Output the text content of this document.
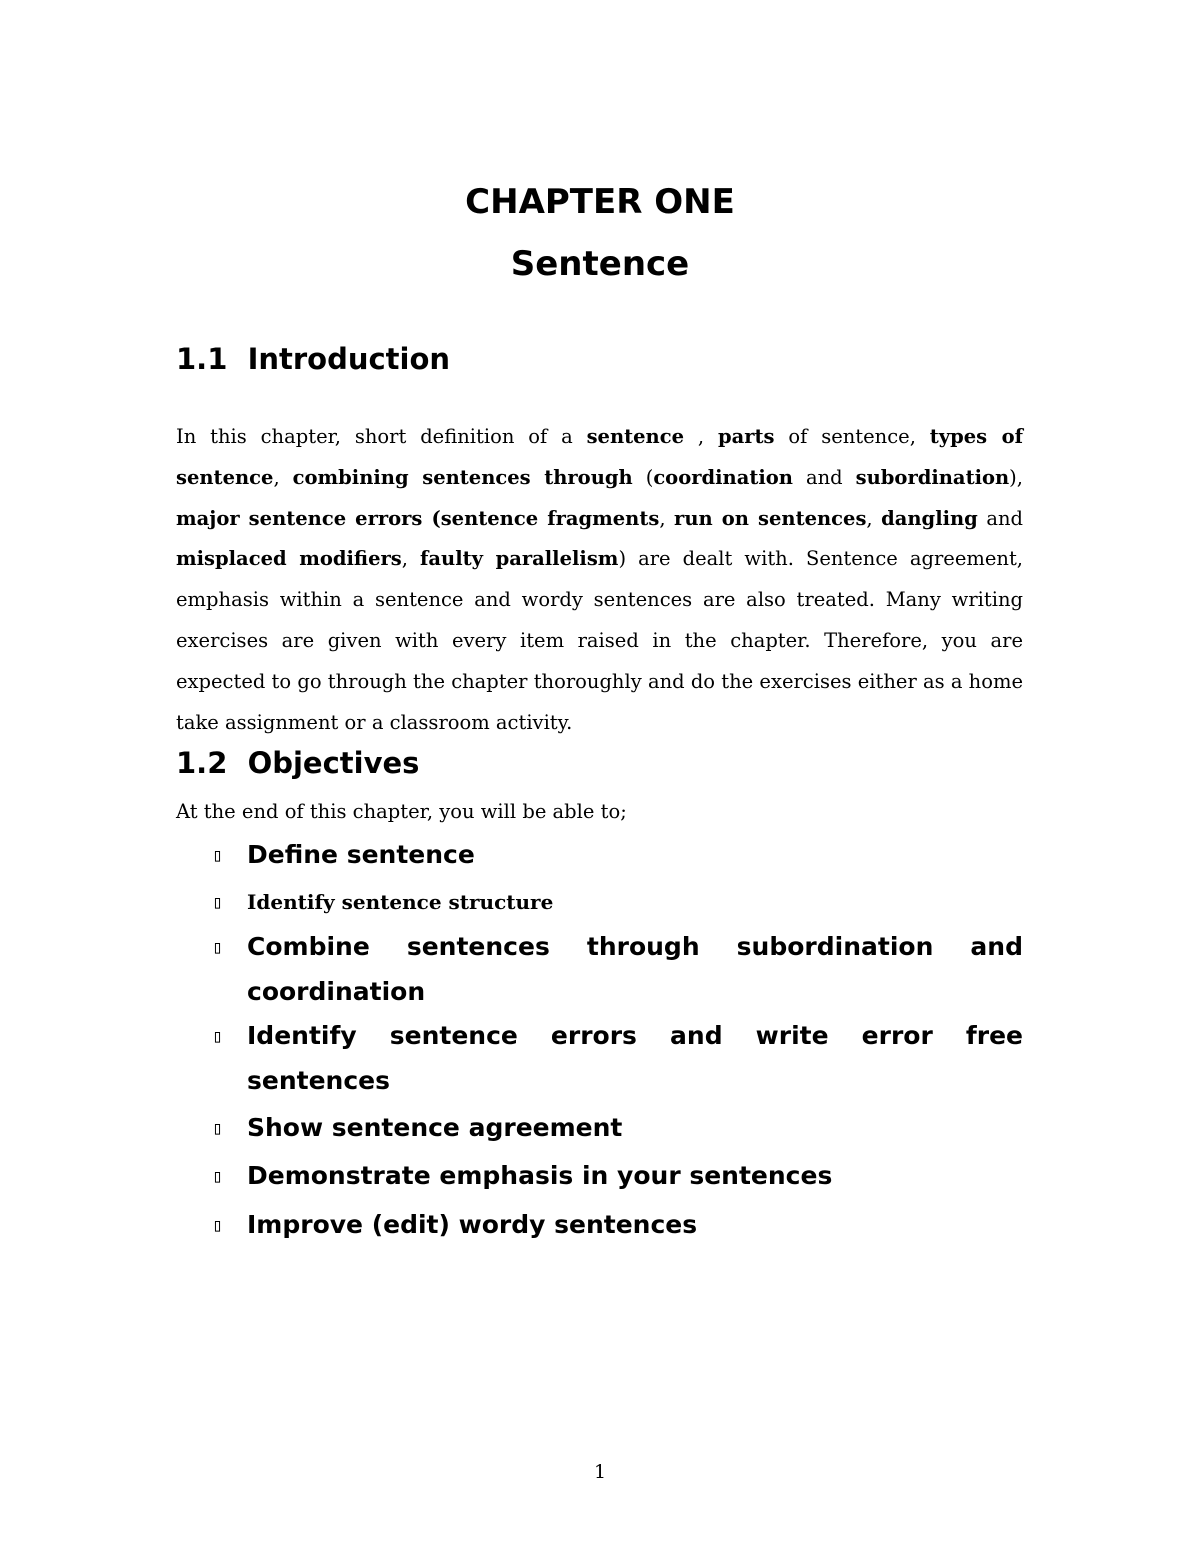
CHAPTER ONE
Sentence
1.1  Introduction

In this chapter, short definition of a sentence , parts of sentence, types of sentence, combining sentences through (coordination and subordination), major sentence errors (sentence fragments, run on sentences, dangling and misplaced modifiers, faulty parallelism) are dealt with. Sentence agreement, emphasis within a sentence and wordy sentences are also treated. Many writing exercises are given with every item raised in the chapter. Therefore, you are expected to go through the chapter thoroughly and do the exercises either as a home take assignment or a classroom activity.

1.2  Objectives

At the end of this chapter, you will be able to;

▯ Define sentence

▯ Identify sentence structure

▯ Combine sentences through subordination and coordination

▯ Identify sentence errors and write error free sentences

▯ Show sentence agreement

▯ Demonstrate emphasis in your sentences

▯ Improve (edit) wordy sentences

1
